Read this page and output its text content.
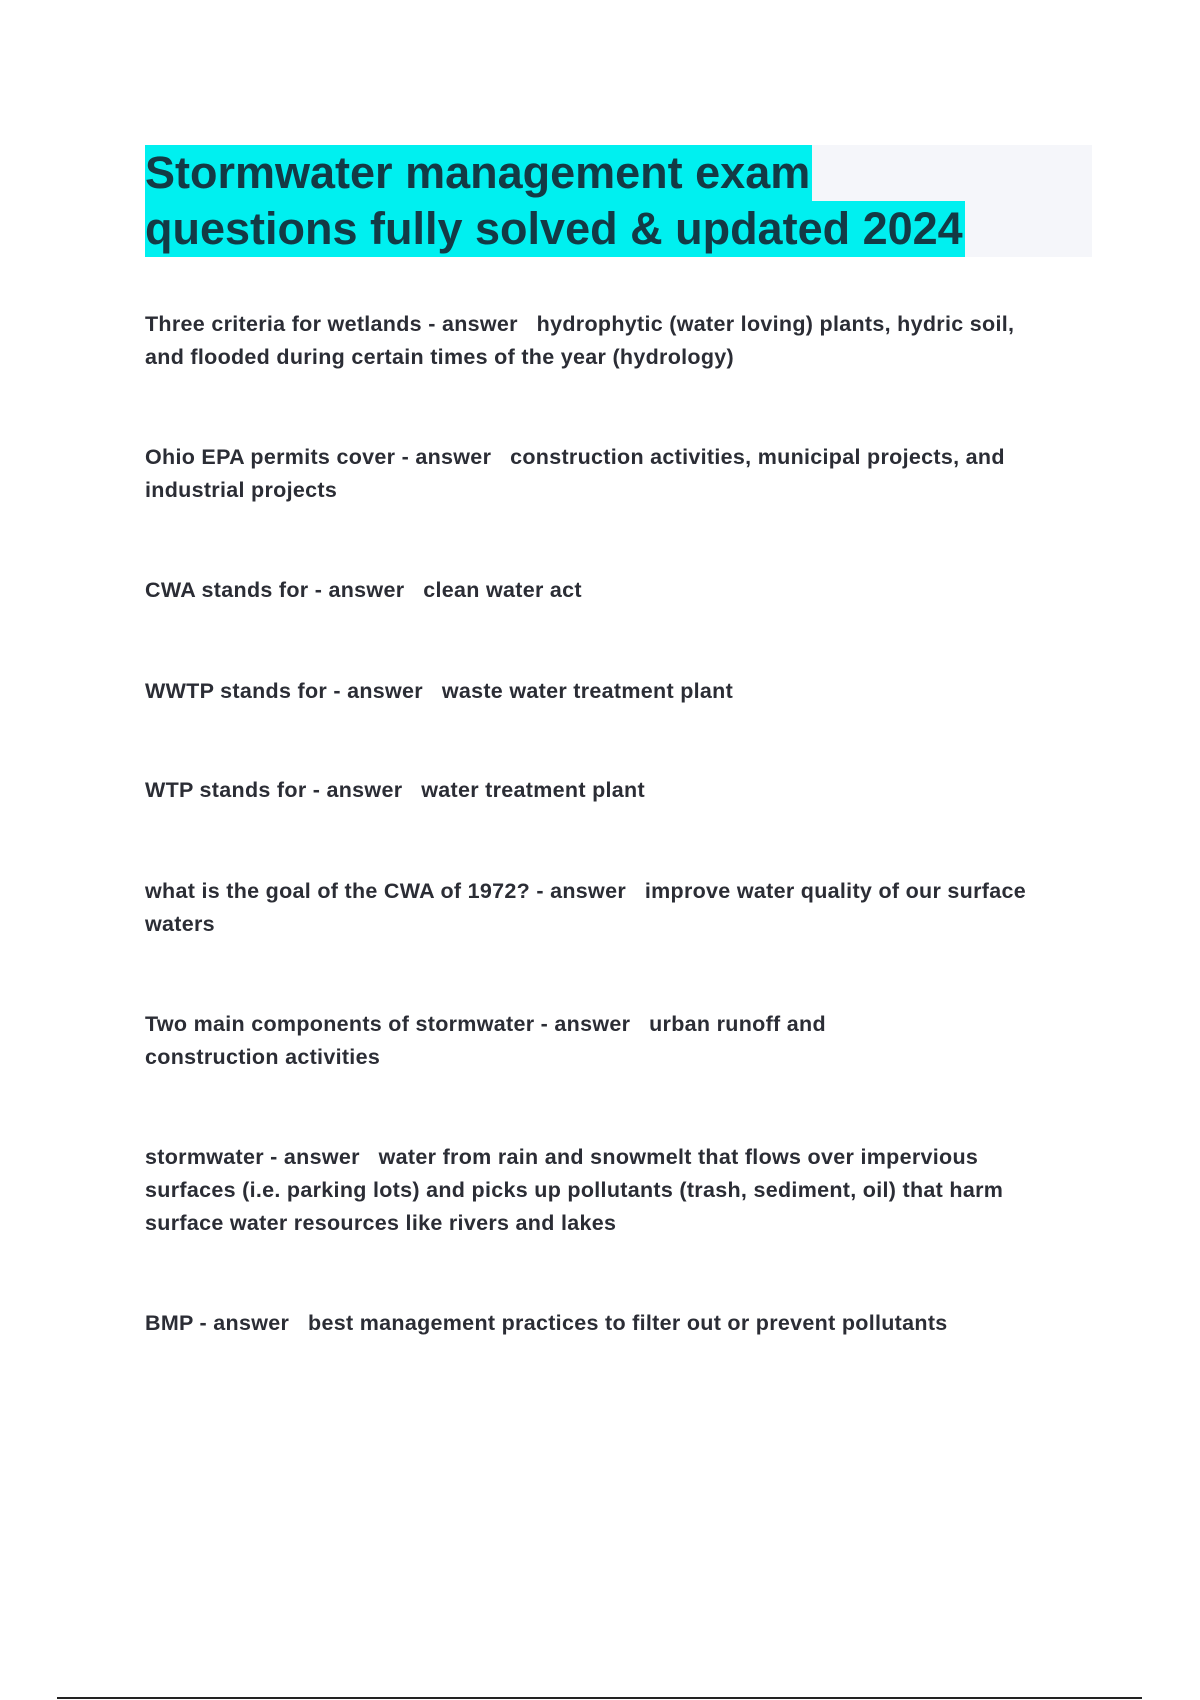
Stormwater management exam
questions fully solved & updated 2024

Three criteria for wetlands - answer hydrophytic (water loving) plants, hydric soil, and flooded during certain times of the year (hydrology)

Ohio EPA permits cover - answer construction activities, municipal projects, and industrial projects

CWA stands for - answer clean water act

WWTP stands for - answer waste water treatment plant

WTP stands for - answer water treatment plant

what is the goal of the CWA of 1972? - answer improve water quality of our surface waters

Two main components of stormwater - answer urban runoff and construction activities

stormwater - answer water from rain and snowmelt that flows over impervious surfaces (i.e. parking lots) and picks up pollutants (trash, sediment, oil) that harm surface water resources like rivers and lakes

BMP - answer best management practices to filter out or prevent pollutants
